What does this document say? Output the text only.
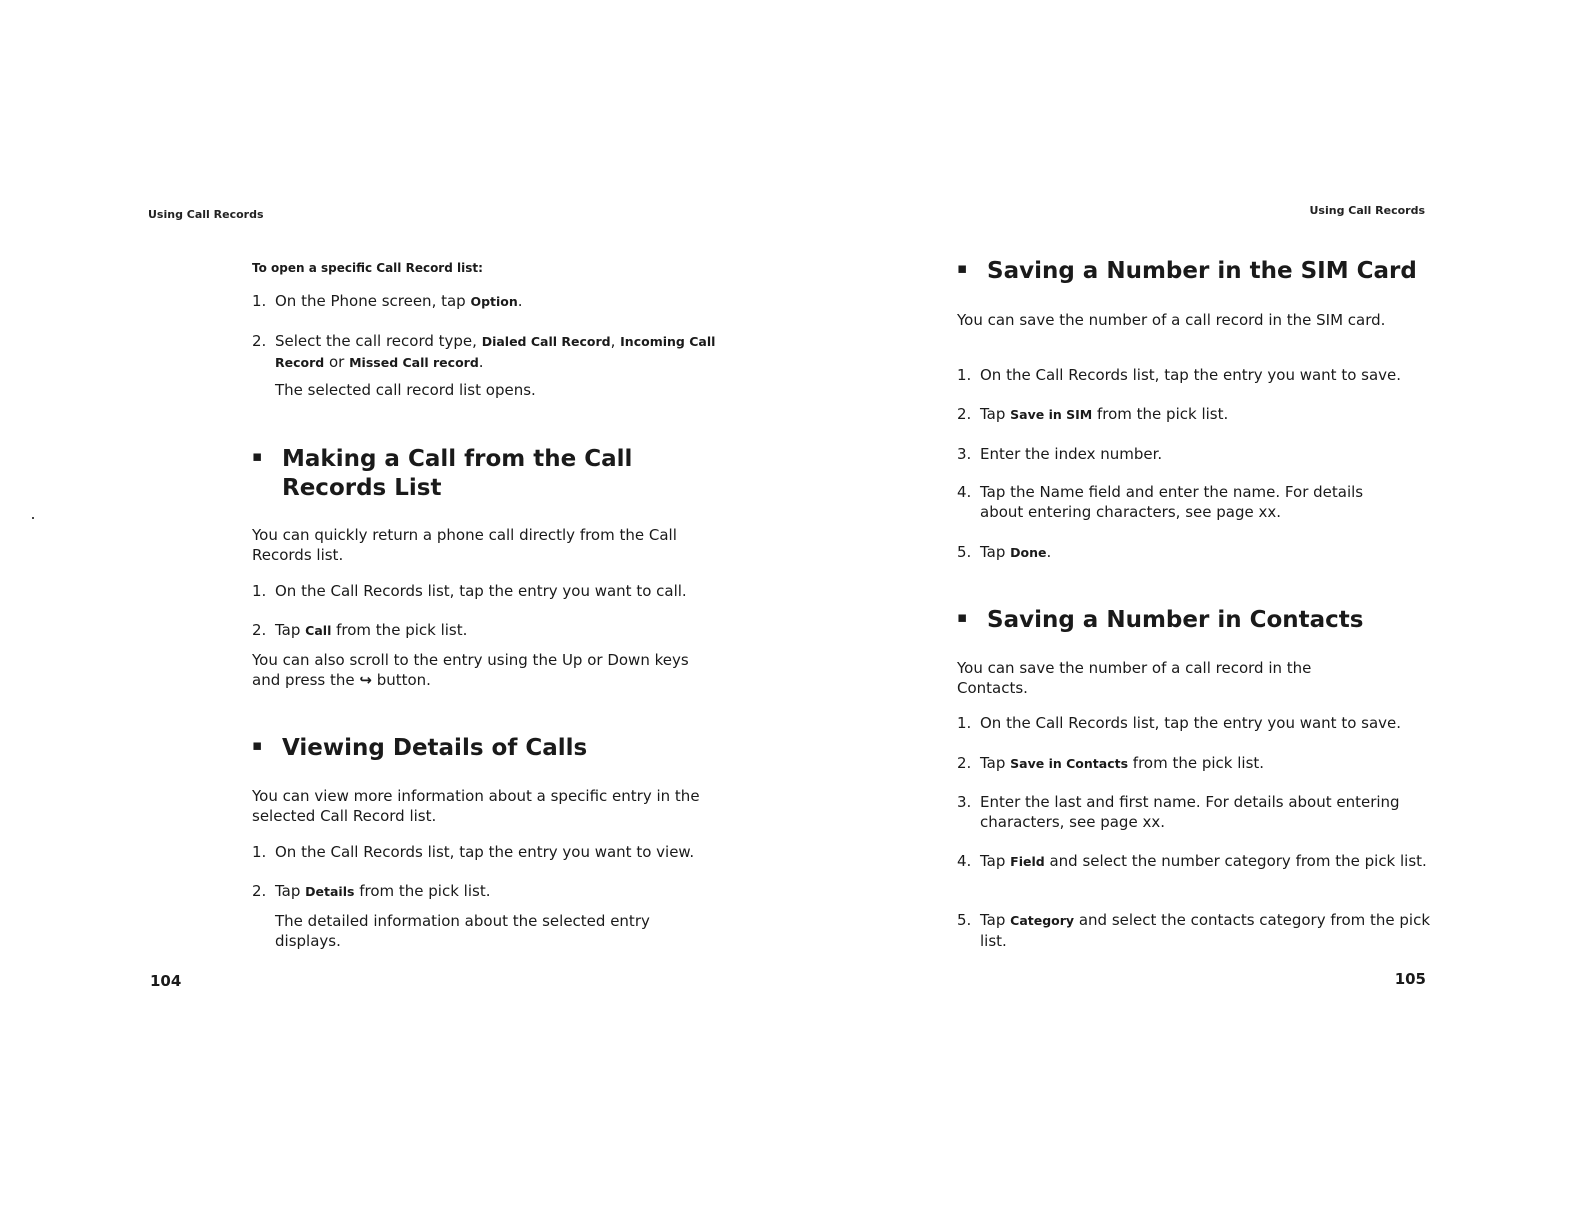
Using Call Records
To open a specific Call Record list:
1. On the Phone screen, tap Option.
2. Select the call record type, Dialed Call Record, Incoming Call Record or Missed Call record.
The selected call record list opens.
▪ Making a Call from the Call Records List
You can quickly return a phone call directly from the Call Records list.
1. On the Call Records list, tap the entry you want to call.
2. Tap Call from the pick list.
You can also scroll to the entry using the Up or Down keys and press the ↪ button.
▪ Viewing Details of Calls
You can view more information about a specific entry in the selected Call Record list.
1. On the Call Records list, tap the entry you want to view.
2. Tap Details from the pick list.
The detailed information about the selected entry displays.
104
Using Call Records
▪ Saving a Number in the SIM Card
You can save the number of a call record in the SIM card.
1. On the Call Records list, tap the entry you want to save.
2. Tap Save in SIM from the pick list.
3. Enter the index number.
4. Tap the Name field and enter the name. For details about entering characters, see page xx.
5. Tap Done.
▪ Saving a Number in Contacts
You can save the number of a call record in the Contacts.
1. On the Call Records list, tap the entry you want to save.
2. Tap Save in Contacts from the pick list.
3. Enter the last and first name. For details about entering characters, see page xx.
4. Tap Field and select the number category from the pick list.
5. Tap Category and select the contacts category from the pick list.
105
